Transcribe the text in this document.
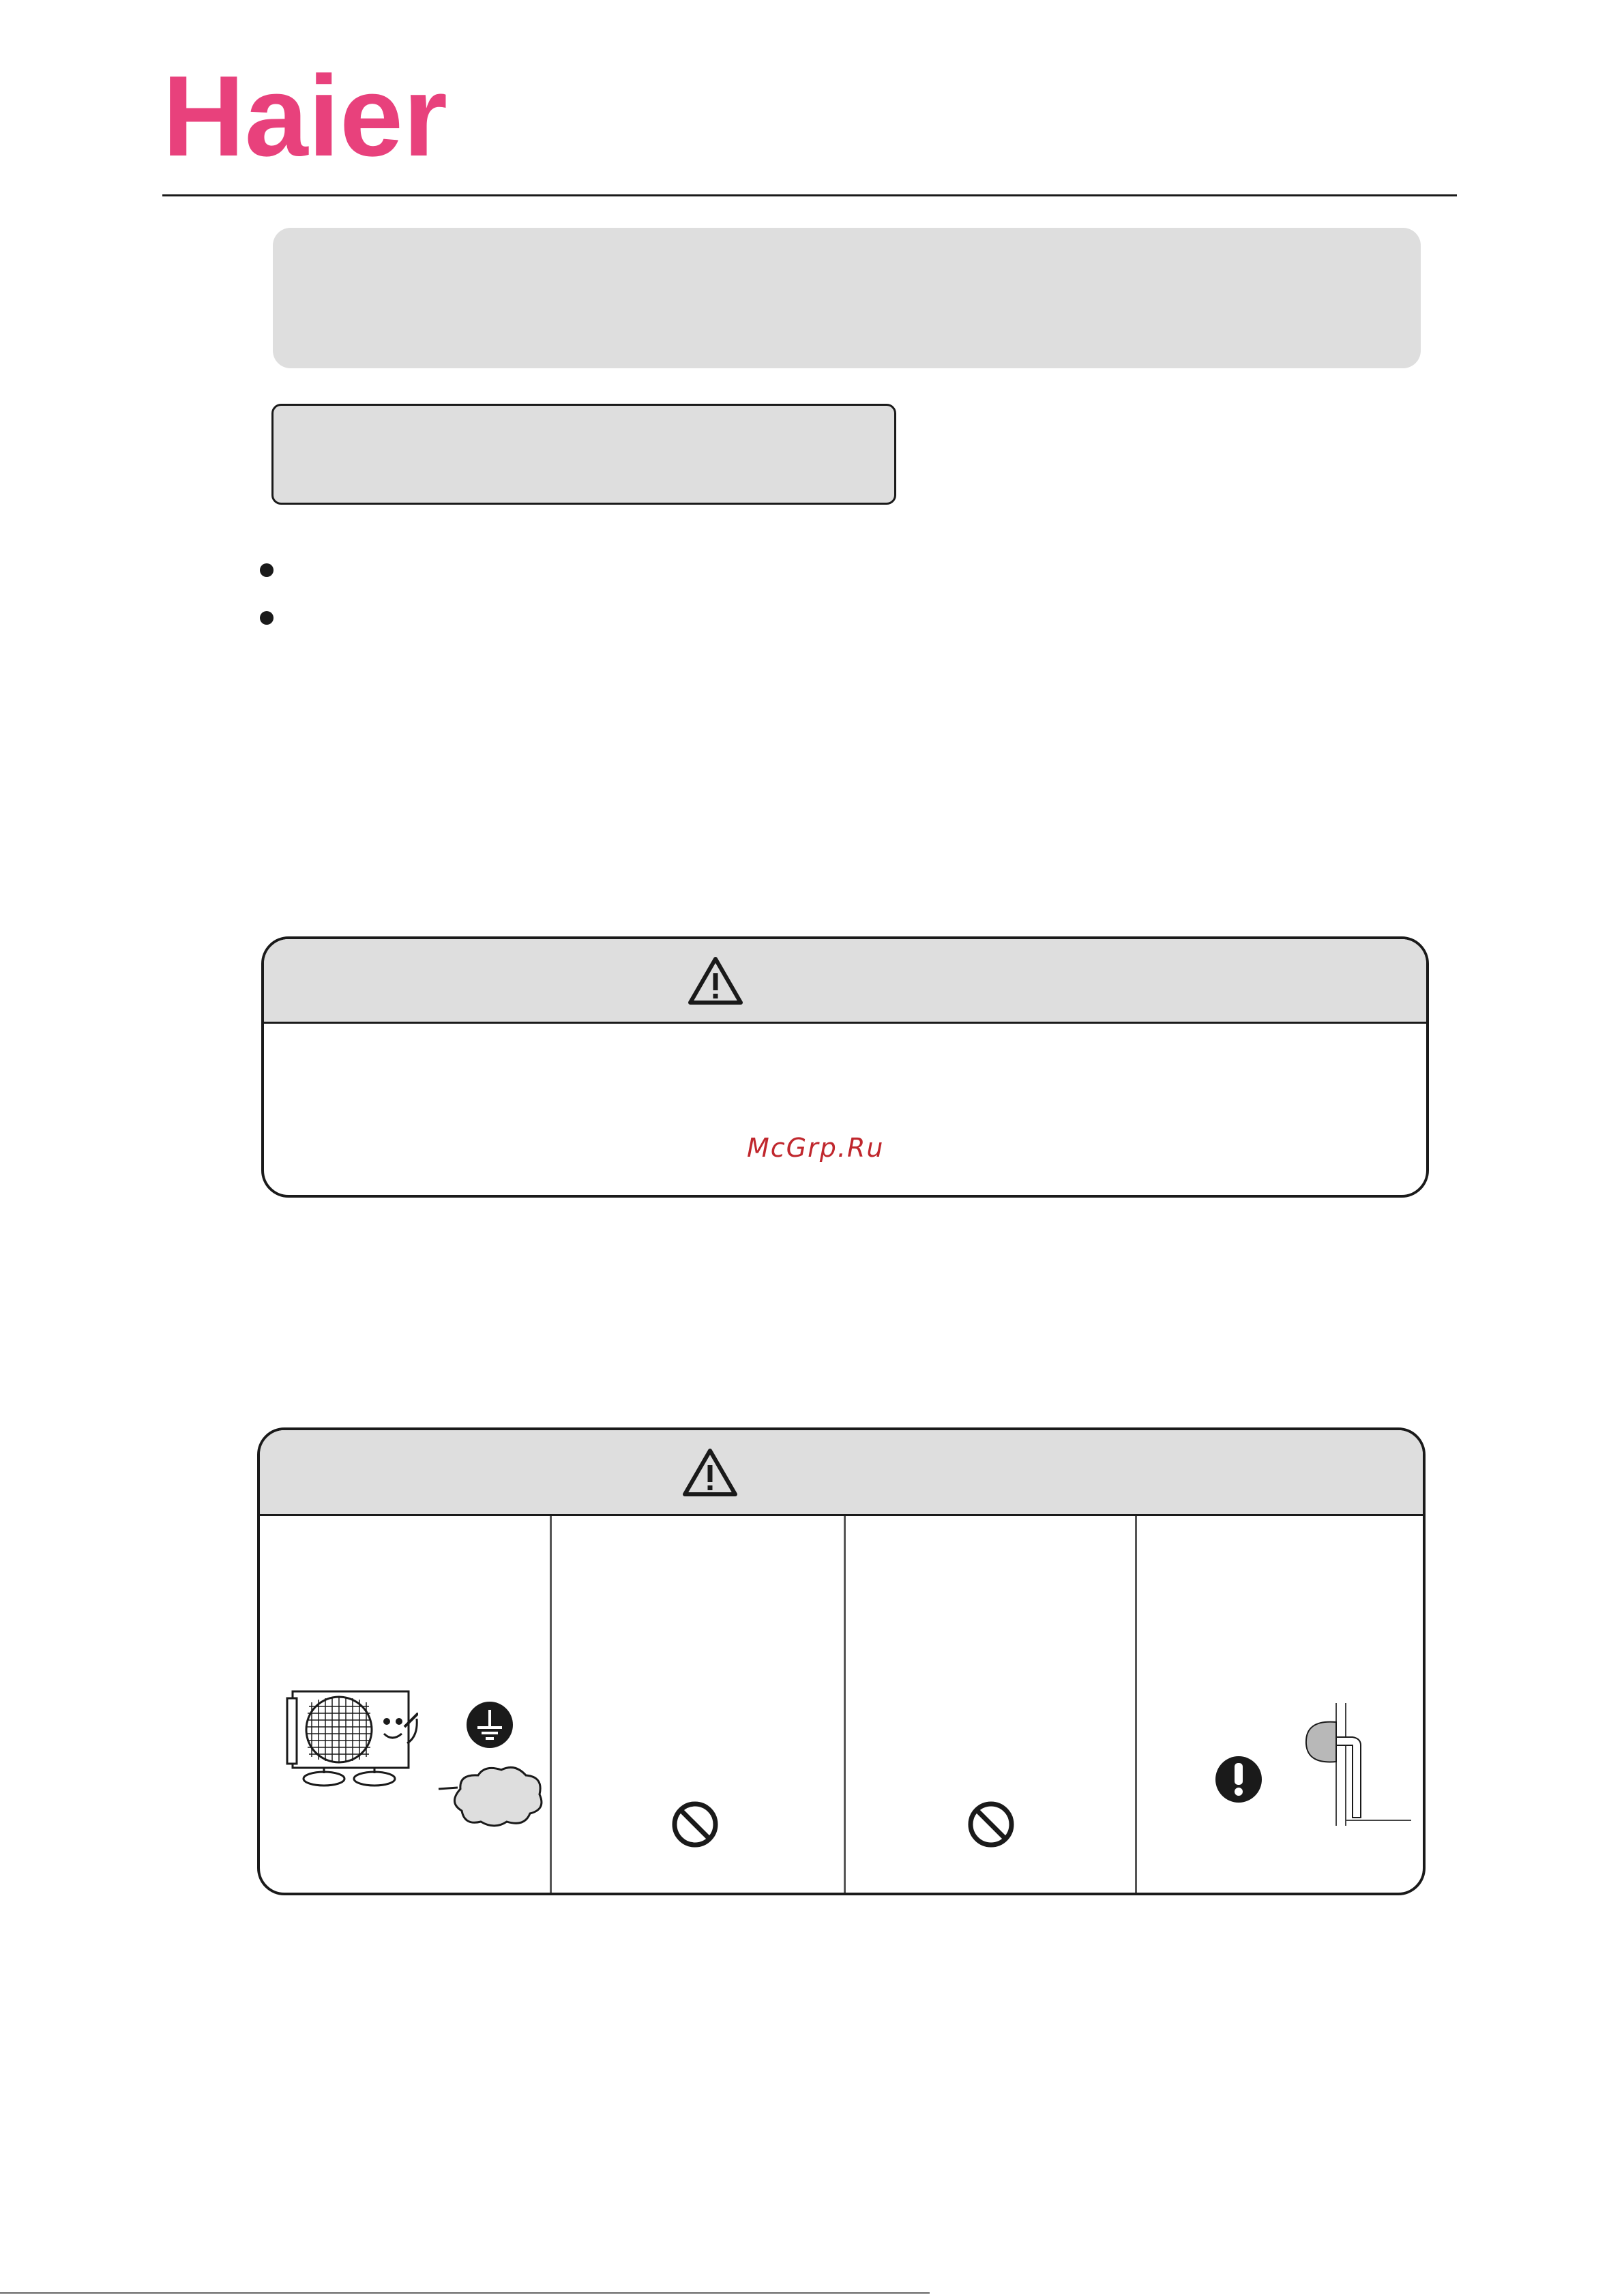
Haier
McGrp.Ru
